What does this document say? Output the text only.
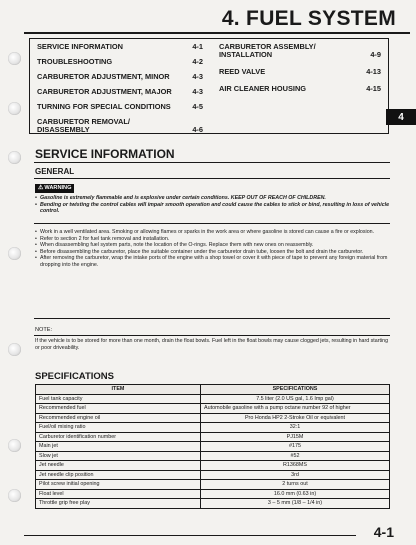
4. FUEL SYSTEM
SERVICE INFORMATION	4-1
TROUBLESHOOTING	4-2
CARBURETOR ADJUSTMENT, MINOR	4-3
CARBURETOR ADJUSTMENT, MAJOR	4-3
TURNING FOR SPECIAL CONDITIONS	4-5
CARBURETOR REMOVAL/
DISASSEMBLY	4-6
CARBURETOR ASSEMBLY/
INSTALLATION	4-9
REED VALVE	4-13
AIR CLEANER HOUSING	4-15
4
SERVICE INFORMATION
GENERAL
⚠WARNING
• Gasoline is extremely flammable and is explosive under certain conditions. KEEP OUT OF REACH OF CHILDREN.
• Bending or twisting the control cables will impair smooth operation and could cause the cables to stick or bind, resulting in loss of vehicle control.
• Work in a well ventilated area. Smoking or allowing flames or sparks in the work area or where gasoline is stored can cause a fire or explosion.
• Refer to section 2 for fuel tank removal and installation.
• When disassembling fuel system parts, note the location of the O-rings. Replace them with new ones on reassembly.
• Before disassembling the carburetor, place the suitable container under the carburetor drain tube, loosen the bolt and drain the carburetor.
• After removing the carburetor, wrap the intake ports of the engine with a shop towel or cover it with piece of tape to prevent any foreign material from dropping into the engine.
NOTE:
If the vehicle is to be stored for more than one month, drain the float bowls. Fuel left in the float bowls may cause clogged jets, resulting in hard starting or poor driveability.
SPECIFICATIONS
ITEM	SPECIFICATIONS
Fuel tank capacity	7.5 liter (2.0 US gal, 1.6 Imp gal)
Recommended fuel	Automobile gasoline with a pump octane number 92 of higher
Recommended engine oil	Pro Honda HP2 2-Stroke Oil or equivalent
Fuel/oil mixing ratio	32:1
Carburetor identification number	PJ15M
Main jet	#175
Slow jet	#52
Jet needle	R1368MS
Jet needle clip position	3rd
Pilot screw initial opening	2 turns out
Float level	16.0 mm (0.63 in)
Throttle grip free play	3 – 5 mm (1/8 – 1/4 in)
4-1
